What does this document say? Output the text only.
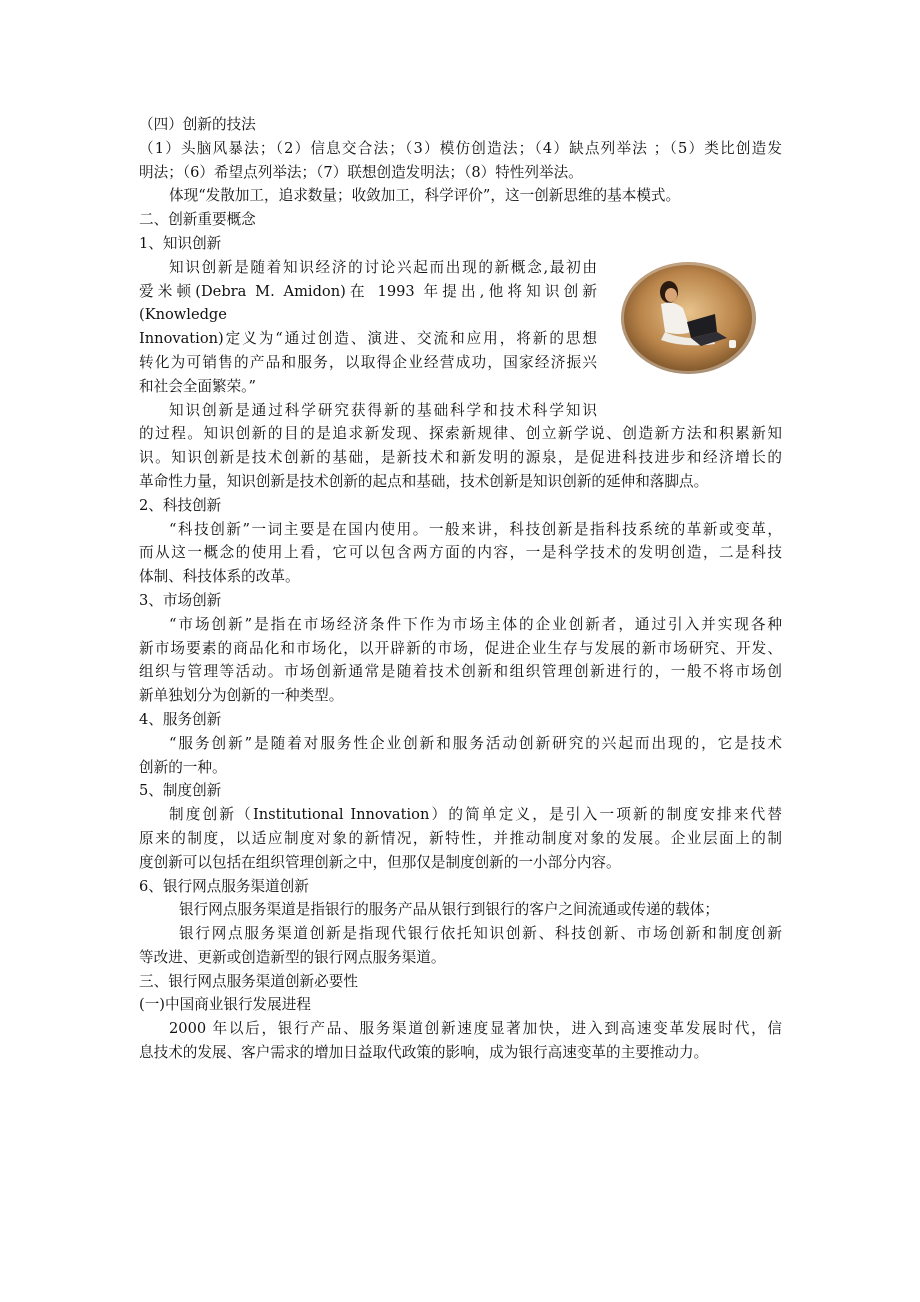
（四）创新的技法

（1）头脑风暴法；（2）信息交合法；（3）模仿创造法；（4）缺点列举法 ；（5）类比创造发

明法；（6）希望点列举法；（7）联想创造发明法；（8）特性列举法。

体现“发散加工，追求数量；收敛加工，科学评价”，这一创新思维的基本模式。

二、创新重要概念

1、知识创新

知识创新是随着知识经济的讨论兴起而出现的新概念,最初由

爱米顿(Debra M. Amidon)在 1993 年提出,他将知识创新(Knowledge

Innovation)定义为“通过创造、演进、交流和应用，将新的思想

转化为可销售的产品和服务，以取得企业经营成功，国家经济振兴

和社会全面繁荣。”

知识创新是通过科学研究获得新的基础科学和技术科学知识

的过程。知识创新的目的是追求新发现、探索新规律、创立新学说、创造新方法和积累新知

识。知识创新是技术创新的基础，是新技术和新发明的源泉，是促进科技进步和经济增长的

革命性力量，知识创新是技术创新的起点和基础，技术创新是知识创新的延伸和落脚点。

2、科技创新

“科技创新”一词主要是在国内使用。一般来讲，科技创新是指科技系统的革新或变革，

而从这一概念的使用上看，它可以包含两方面的内容，一是科学技术的发明创造，二是科技

体制、科技体系的改革。

3、市场创新

“市场创新”是指在市场经济条件下作为市场主体的企业创新者，通过引入并实现各种

新市场要素的商品化和市场化，以开辟新的市场，促进企业生存与发展的新市场研究、开发、

组织与管理等活动。市场创新通常是随着技术创新和组织管理创新进行的，一般不将市场创

新单独划分为创新的一种类型。

4、服务创新

“服务创新”是随着对服务性企业创新和服务活动创新研究的兴起而出现的，它是技术

创新的一种。

5、制度创新

制度创新（Institutional Innovation）的简单定义，是引入一项新的制度安排来代替

原来的制度，以适应制度对象的新情况，新特性，并推动制度对象的发展。企业层面上的制

度创新可以包括在组织管理创新之中，但那仅是制度创新的一小部分内容。

6、银行网点服务渠道创新

银行网点服务渠道是指银行的服务产品从银行到银行的客户之间流通或传递的载体；

银行网点服务渠道创新是指现代银行依托知识创新、科技创新、市场创新和制度创新

等改进、更新或创造新型的银行网点服务渠道。

三、银行网点服务渠道创新必要性

(一)中国商业银行发展进程

2000 年以后，银行产品、服务渠道创新速度显著加快，进入到高速变革发展时代，信

息技术的发展、客户需求的增加日益取代政策的影响，成为银行高速变革的主要推动力。
